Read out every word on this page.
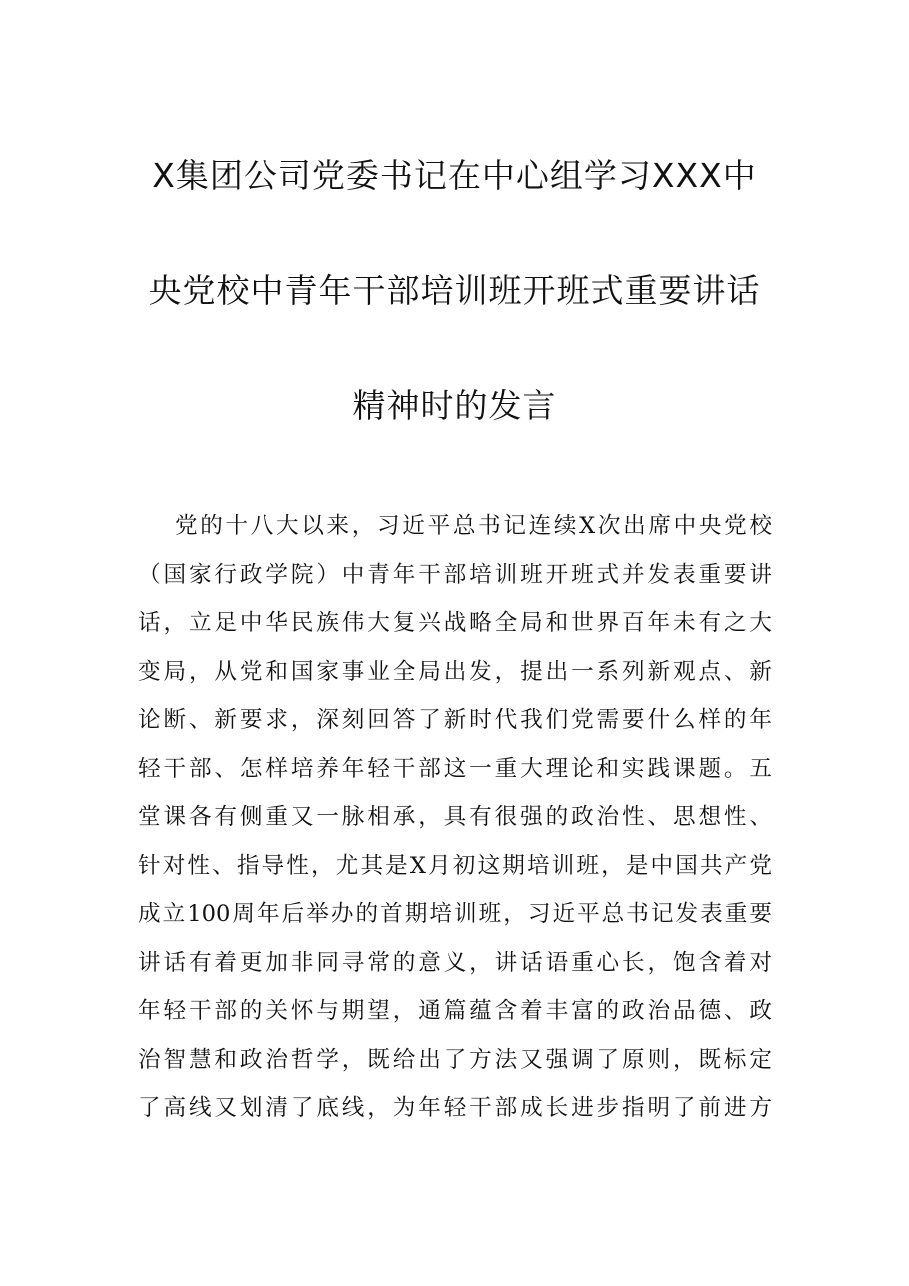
X集团公司党委书记在中心组学习XXX中
央党校中青年干部培训班开班式重要讲话
精神时的发言
党的十八大以来，习近平总书记连续X次出席中央党校
（国家行政学院）中青年干部培训班开班式并发表重要讲
话，立足中华民族伟大复兴战略全局和世界百年未有之大
变局，从党和国家事业全局出发，提出一系列新观点、新
论断、新要求，深刻回答了新时代我们党需要什么样的年
轻干部、怎样培养年轻干部这一重大理论和实践课题。五
堂课各有侧重又一脉相承，具有很强的政治性、思想性、
针对性、指导性，尤其是X月初这期培训班，是中国共产党
成立100周年后举办的首期培训班，习近平总书记发表重要
讲话有着更加非同寻常的意义，讲话语重心长，饱含着对
年轻干部的关怀与期望，通篇蕴含着丰富的政治品德、政
治智慧和政治哲学，既给出了方法又强调了原则，既标定
了高线又划清了底线，为年轻干部成长进步指明了前进方
